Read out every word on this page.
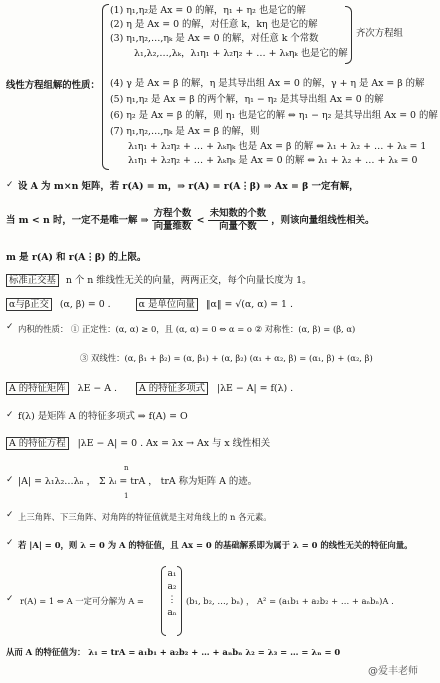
线性方程组解的性质：
(1) η₁,η₂是 Ax = 0 的解，η₁ + η₂ 也是它的解
(2) η 是 Ax = 0 的解，对任意 k，kη 也是它的解
(3) η₁,η₂,…,ηₖ 是 Ax = 0 的解，对任意 k 个常数
λ₁,λ₂,…,λₖ，λ₁η₁ + λ₂η₂ + … + λₖηₖ 也是它的解
齐次方程组
(4) γ 是 Ax = β 的解，η 是其导出组 Ax = 0 的解，γ + η 是 Ax = β 的解
(5) η₁,η₂ 是 Ax = β 的两个解，η₁ − η₂ 是其导出组 Ax = 0 的解
(6) η₂ 是 Ax = β 的解，则 η₁ 也是它的解 ⇔ η₁ − η₂ 是其导出组 Ax = 0 的解
(7) η₁,η₂,…,ηₖ 是 Ax = β 的解，则
λ₁η₁ + λ₂η₂ + … + λₖηₖ 也是 Ax = β 的解 ⇔ λ₁ + λ₂ + … + λₖ = 1
λ₁η₁ + λ₂η₂ + … + λₖηₖ 是 Ax = 0 的解 ⇔ λ₁ + λ₂ + … + λₖ = 0
✓ 设 A 为 m×n 矩阵，若 r(A) = m，⇒ r(A) = r(A⋮β) ⇒ Ax = β 一定有解，
当 m < n 时，一定不是唯一解 ⇒ $\frac{\text{方程个数}}{\text{向量维数}} < \frac{\text{未知数的个数}}{\text{向量个数}}$ ，则该向量组线性相关。
m 是 r(A) 和 r(A⋮β) 的上限。
标准正交基 n 个 n 维线性无关的向量，两两正交，每个向量长度为 1。
α与β正交 (α, β) = 0 .	α 是单位向量 ‖α‖ = √(α, α) = 1 .
✓ 内积的性质： ① 正定性：(α, α) ≥ 0，且 (α, α) = 0 ⇔ α = o ② 对称性：(α, β) = (β, α)
③ 双线性：(α, β₁ + β₂) = (α, β₁) + (α, β₂) (α₁ + α₂, β) = (α₁, β) + (α₂, β)
A 的特征矩阵 λE − A . A 的特征多项式 |λE − A| = f(λ) .
✓ f(λ) 是矩阵 A 的特征多项式 ⇒ f(A) = O
A 的特征方程 |λE − A| = 0 . Ax = λx → Ax 与 x 线性相关
✓
n
1
|A| = λ₁λ₂…λₙ ， Σ λᵢ = trA ， trA 称为矩阵 A 的迹。
✓ 上三角阵、下三角阵、对角阵的特征值就是主对角线上的 n 各元素。
✓ 若 |A| = 0，则 λ = 0 为 A 的特征值，且 Ax = 0 的基础解系即为属于 λ = 0 的线性无关的特征向量。
✓ r(A) = 1 ⇔ A 一定可分解为 A =
a₁
a₂
⋮
aₙ
(b₁, b₂, …, bₙ) ， A² = (a₁b₁ + a₂b₂ + … + aₙbₙ)A .
从而 A 的特征值为： λ₁ = trA = a₁b₁ + a₂b₂ + … + aₙbₙ λ₂ = λ₃ = … = λₙ = 0
@爱丰老师
